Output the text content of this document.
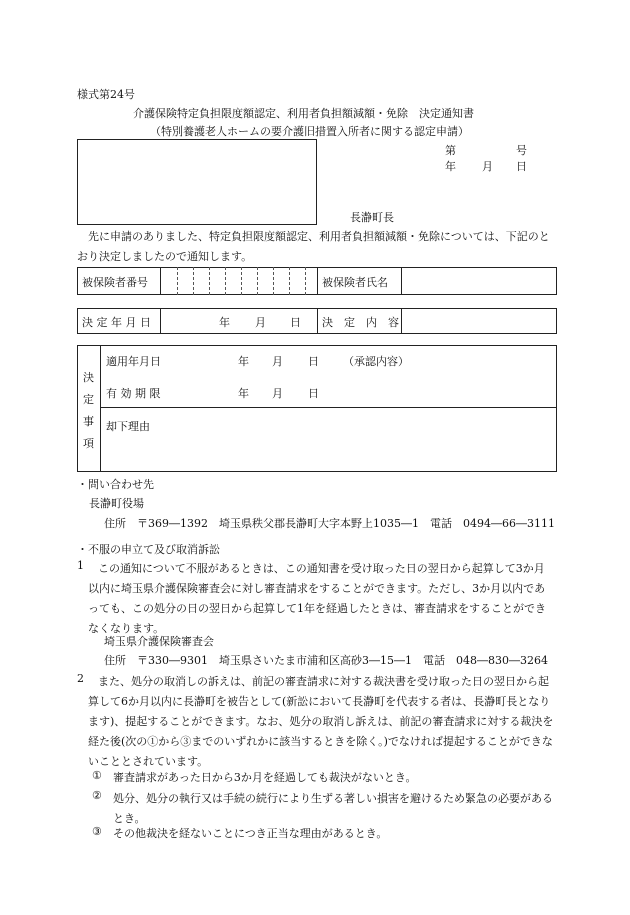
様式第24号
介護保険特定負担限度額認定、利用者負担額減額・免除　決定通知書
（特別養護老人ホームの要介護旧措置入所者に関する認定申請）
第	号
年 月 日
長瀞町長
先に申請のありました、特定負担限度額認定、利用者負担額減額・免除については、下記のとおり決定しましたので通知します。
被保険者番号	被保険者氏名
決 定 年 月 日	年 月 日 決　定　内　容
決
定
事
項
適用年月日	年 月 日 （承認内容）
有 効 期 限	年 月 日
却下理由
・問い合わせ先
長瀞町役場
住所　〒369―1392　埼玉県秩父郡長瀞町大字本野上1035―1　電話　0494―66―3111
・不服の申立て及び取消訴訟
1	この通知について不服があるときは、この通知書を受け取った日の翌日から起算して3か月以内に埼玉県介護保険審査会に対し審査請求をすることができます。ただし、3か月以内であっても、この処分の日の翌日から起算して1年を経過したときは、審査請求をすることができなくなります。
埼玉県介護保険審査会
住所　〒330―9301　埼玉県さいたま市浦和区高砂3―15―1　電話　048―830―3264
2	また、処分の取消しの訴えは、前記の審査請求に対する裁決書を受け取った日の翌日から起算して6か月以内に長瀞町を被告として(新訟において長瀞町を代表する者は、長瀞町長となります)、提起することができます。なお、処分の取消し訴えは、前記の審査請求に対する裁決を経た後(次の①から③までのいずれかに該当するときを除く。)でなければ提起することができないこととされています。
① 審査請求があった日から3か月を経過しても裁決がないとき。
② 処分、処分の執行又は手続の続行により生ずる著しい損害を避けるため緊急の必要があるとき。
③ その他裁決を経ないことにつき正当な理由があるとき。
